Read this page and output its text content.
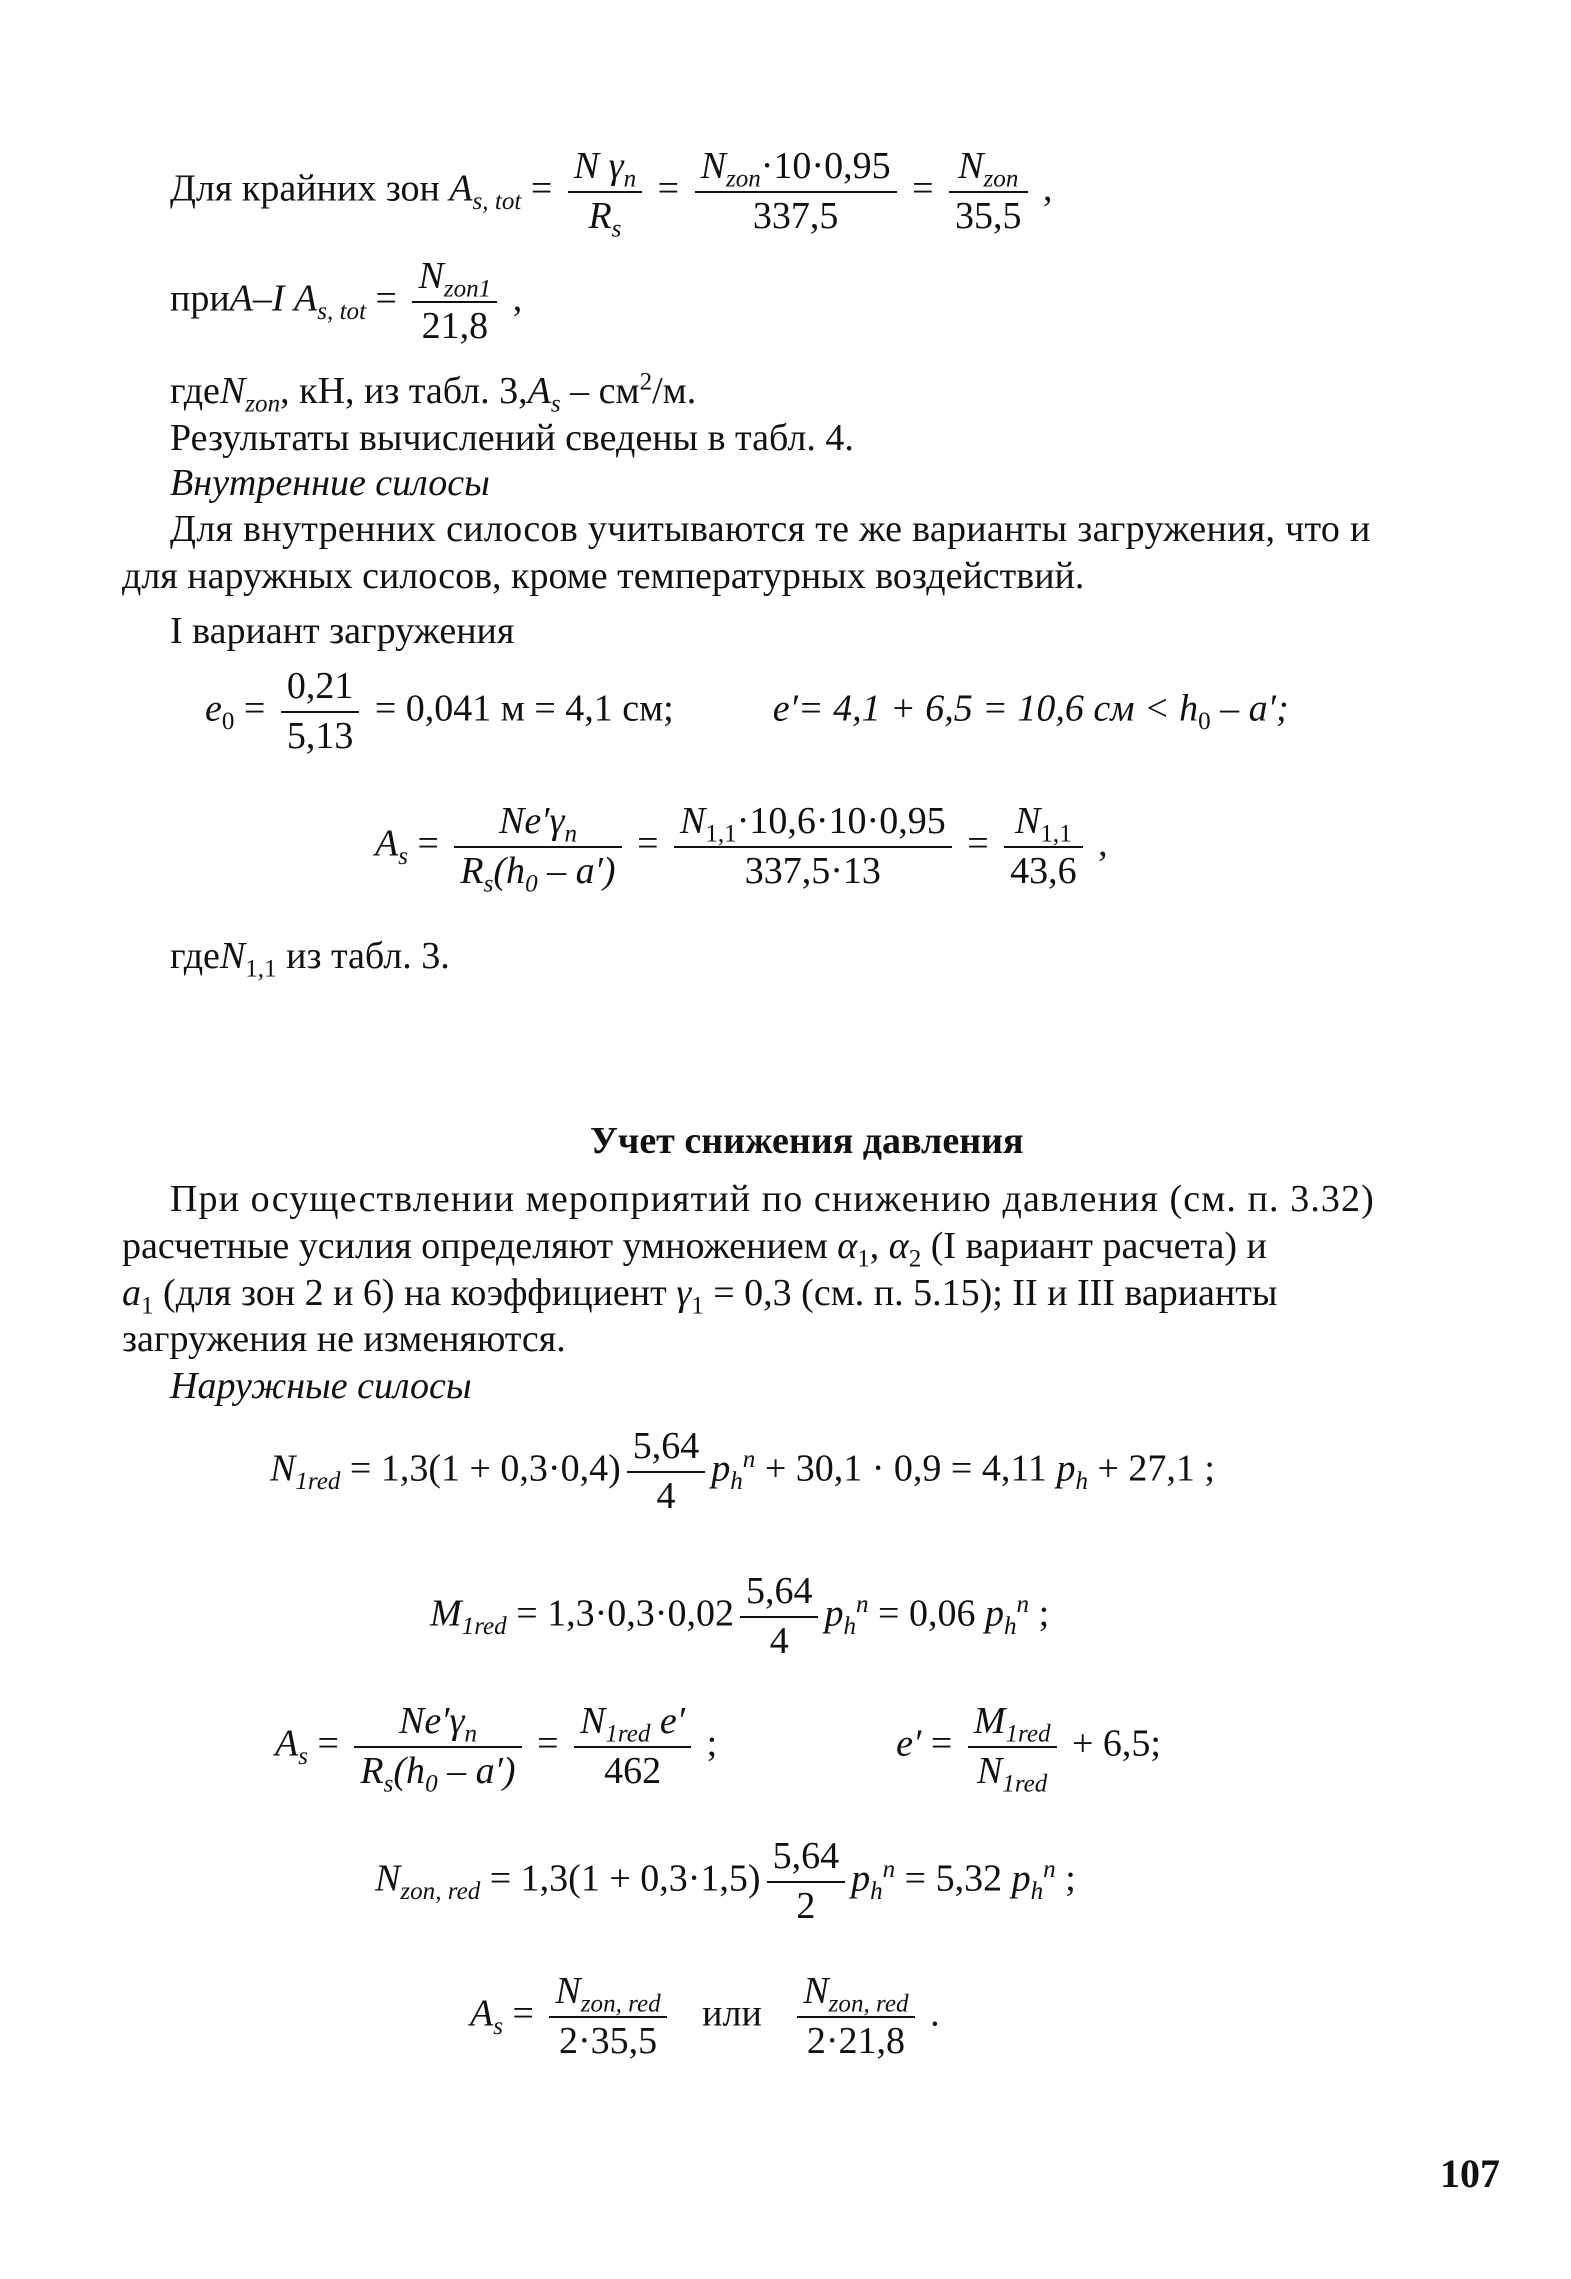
Для крайних зон $A_{s, tot} = \frac{N \gamma_n}{R_s} = \frac{N_{zon}\cdot 10\cdot 0,95}{337,5} = \frac{N_{zon}}{35,5}$ ,
приА–I $A_{s, tot} = \frac{N_{zon1}}{21,8}$ ,
гдеN$_{zon}$, кН, из табл. $3,A_s - см^2/м$.
Результаты вычислений сведены в табл. 4.
Внутренние силосы
Для внутренних силосов учитываются те же варианты загружения, что и
для наружных силосов, кроме температурных воздействий.
I вариант загружения
$e_0 = \frac{0,21}{5,13} = 0,041$ м = 4,1 см;	e′= 4,1 + 6,5 = 10,6 см < $h_0 - a'$;
$A_s = \frac{Ne'\gamma_n}{R_s(h_0 - a')} = \frac{N_{1,1}\cdot 10,6\cdot 10\cdot 0,95}{337,5\cdot 13} = \frac{N_{1,1}}{43,6}$ ,
гдеN$_{1,1}$ из табл. 3.
Учет снижения давления
При осуществлении мероприятий по снижению давления (см. п. 3.32)
расчетные усилия определяют умножением $\alpha_1$, $\alpha_2$ (I вариант расчета) и
$a_1$ (для зон 2 и 6) на коэффициент $\gamma_1 = 0,3$ (см. п. 5.15); II и III варианты
загружения не изменяются.
Наружные силосы
$N_{1red} = 1,3(1 + 0,3\cdot 0,4) \frac{5,64}{4} p_h^n + 30,1 \cdot 0,9 = 4,11$ $p_h + 27,1$ ;
$M_{1red} = 1,3\cdot 0,3\cdot 0,02 \frac{5,64}{4} p_h^n = 0,06$ $p_h^n$ ;
$A_s = \frac{Ne'\gamma_n}{R_s(h_0 - a')} = \frac{N_{1red} e'}{462}$ ;	$e' = \frac{M_{1red}}{N_{1red}} + 6,5$;
$N_{zon, red} = 1,3(1 + 0,3\cdot 1,5) \frac{5,64}{2} p_h^n = 5,32$ $p_h^n$ ;
$A_s = \frac{N_{zon, red}}{2\cdot 35,5}$ или $\frac{N_{zon, red}}{2\cdot 21,8}$ .
107
